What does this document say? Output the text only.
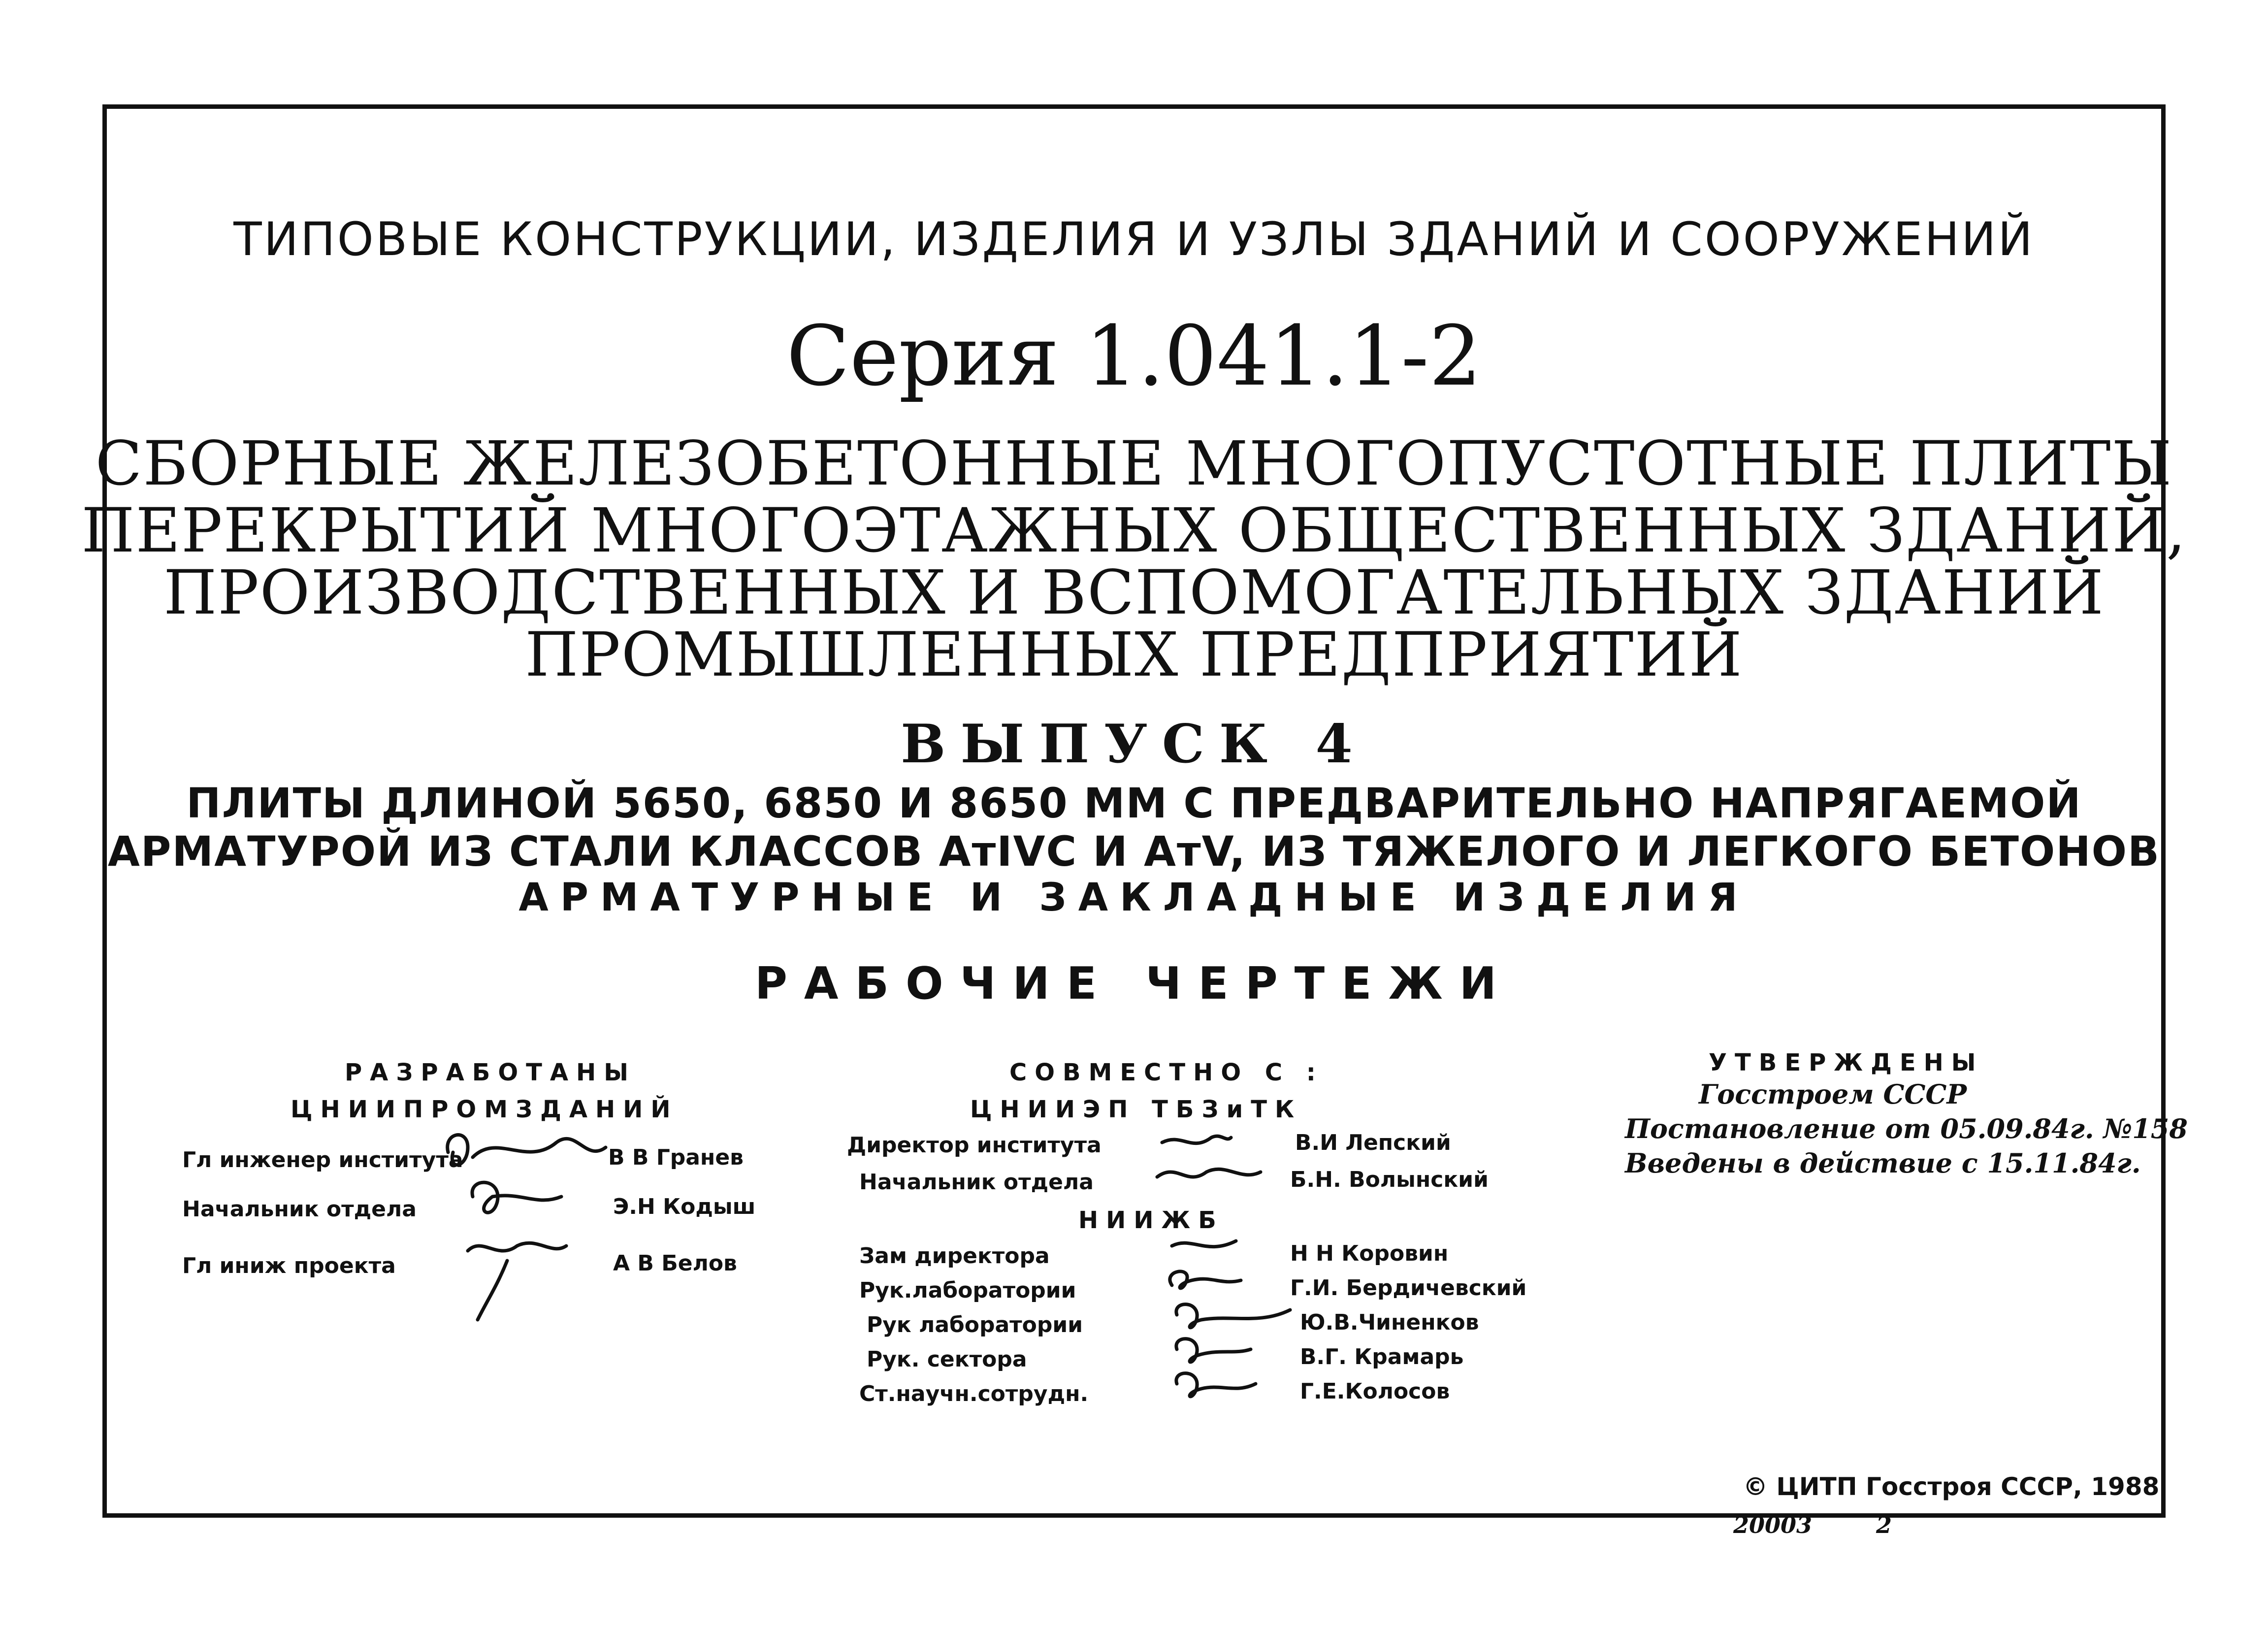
ТИПОВЫЕ КОНСТРУКЦИИ, ИЗДЕЛИЯ И УЗЛЫ ЗДАНИЙ И СООРУЖЕНИЙ
Серия 1.041.1-2
СБОРНЫЕ ЖЕЛЕЗОБЕТОННЫЕ МНОГОПУСТОТНЫЕ ПЛИТЫ
ПЕРЕКРЫТИЙ МНОГОЭТАЖНЫХ ОБЩЕСТВЕННЫХ ЗДАНИЙ,
ПРОИЗВОДСТВЕННЫХ И ВСПОМОГАТЕЛЬНЫХ ЗДАНИЙ
ПРОМЫШЛЕННЫХ ПРЕДПРИЯТИЙ
ВЫПУСК 4
ПЛИТЫ ДЛИНОЙ 5650, 6850 И 8650 ММ С ПРЕДВАРИТЕЛЬНО НАПРЯГАЕМОЙ
АРМАТУРОЙ ИЗ СТАЛИ КЛАССОВ АтIVС И АтV, ИЗ ТЯЖЕЛОГО И ЛЕГКОГО БЕТОНОВ
АРМАТУРНЫЕ И ЗАКЛАДНЫЕ ИЗДЕЛИЯ
РАБОЧИЕ ЧЕРТЕЖИ
РАЗРАБОТАНЫ
ЦНИИПРОМЗДАНИЙ
Гл инженер института	В В Гранев
Начальник отдела	Э.Н Кодыш
Гл иниж проекта	А В Белов
СОВМЕСТНО С :
ЦНИИЭП ТБЗиТК
Директор института	В.И Лепский
Начальник отдела	Б.Н. Волынский
НИИЖБ
Зам директора	Н Н Коровин
Рук.лаборатории	Г.И. Бердичевский
Рук лаборатории	Ю.В.Чиненков
Рук. сектора	В.Г. Крамарь
Ст.научн.сотрудн.	Г.Е.Колосов
УТВЕРЖДЕНЫ
Госстроем СССР
Постановление от 05.09.84г. №158
Введены в действие с 15.11.84г.
© ЦИТП Госстроя СССР, 1988
20003	2
